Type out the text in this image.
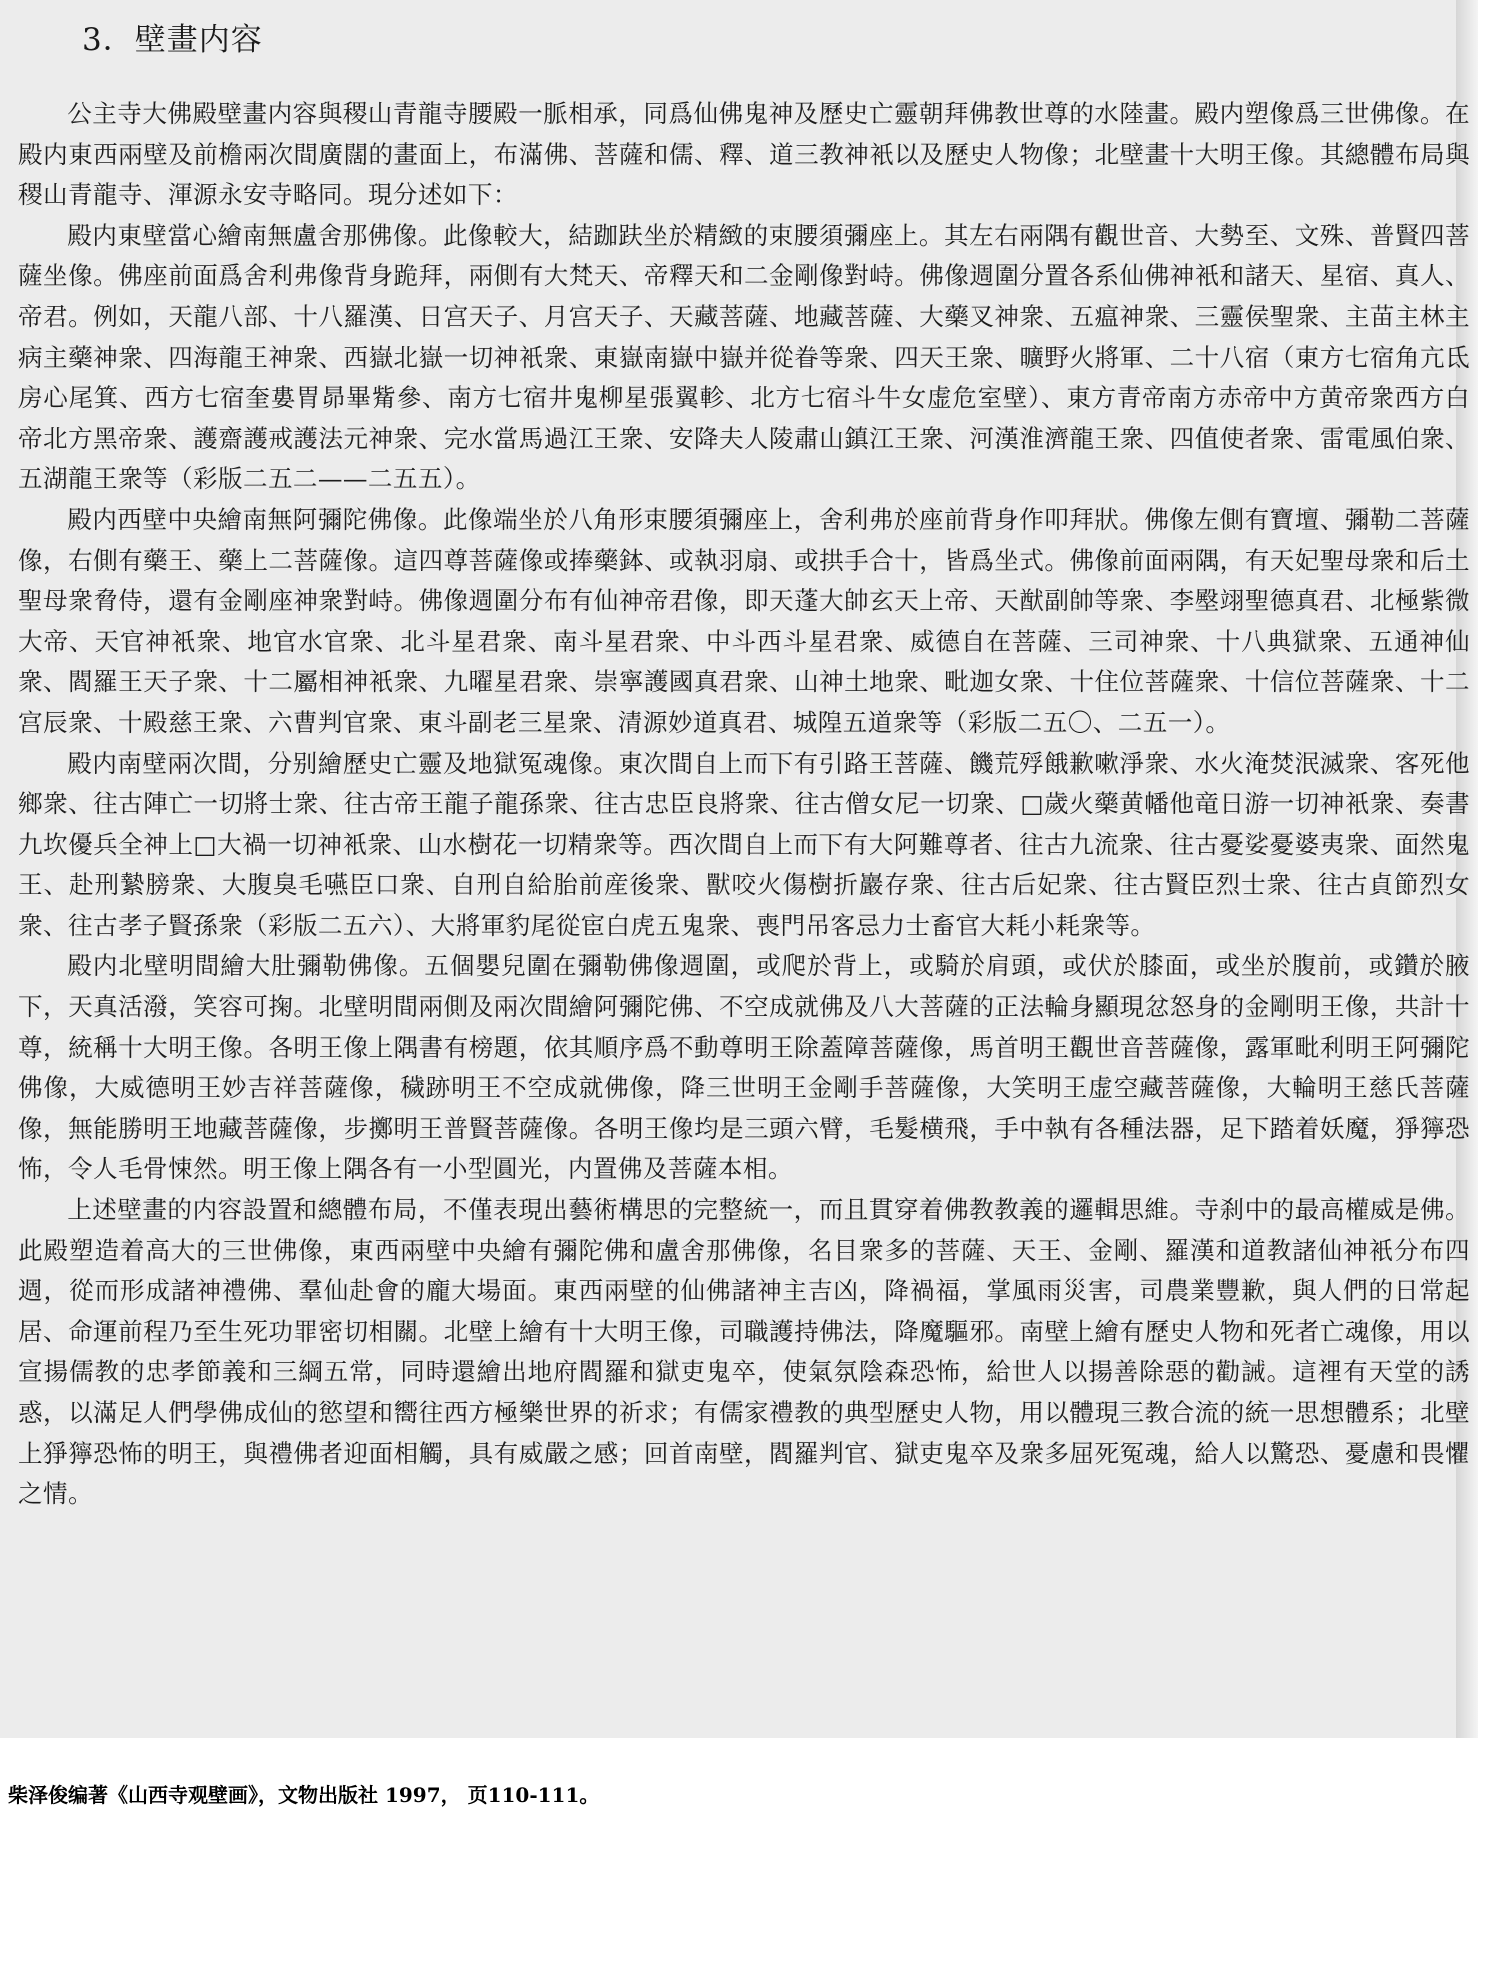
3．壁畫内容

公主寺大佛殿壁畫内容與稷山青龍寺腰殿一脈相承，同爲仙佛鬼神及歷史亡靈朝拜佛教世尊的水陸畫。殿内塑像爲三世佛像。在殿内東西兩壁及前檐兩次間廣闊的畫面上，布滿佛、菩薩和儒、釋、道三教神衹以及歷史人物像；北壁畫十大明王像。其總體布局與稷山青龍寺、渾源永安寺略同。現分述如下：

殿内東壁當心繪南無盧舍那佛像。此像較大，結跏趺坐於精緻的束腰須彌座上。其左右兩隅有觀世音、大勢至、文殊、普賢四菩薩坐像。佛座前面爲舍利弗像背身跪拜，兩側有大梵天、帝釋天和二金剛像對峙。佛像週圍分置各系仙佛神衹和諸天、星宿、真人、帝君。例如，天龍八部、十八羅漢、日宫天子、月宫天子、天藏菩薩、地藏菩薩、大藥叉神衆、五瘟神衆、三靈侯聖衆、主苗主林主病主藥神衆、四海龍王神衆、西嶽北嶽一切神衹衆、東嶽南嶽中嶽并從眷等衆、四天王衆、曠野火將軍、二十八宿（東方七宿角亢氐房心尾箕、西方七宿奎婁胃昴畢觜參、南方七宿井鬼柳星張翼軫、北方七宿斗牛女虚危室壁）、東方青帝南方赤帝中方黄帝衆西方白帝北方黑帝衆、護齋護戒護法元神衆、完水當馬過江王衆、安降夫人陵肅山鎮江王衆、河漢淮濟龍王衆、四值使者衆、雷電風伯衆、五湖龍王衆等（彩版二五二——二五五）。

殿内西壁中央繪南無阿彌陀佛像。此像端坐於八角形束腰須彌座上，舍利弗於座前背身作叩拜狀。佛像左側有寶壇、彌勒二菩薩像，右側有藥王、藥上二菩薩像。這四尊菩薩像或捧藥鉢、或執羽扇、或拱手合十，皆爲坐式。佛像前面兩隅，有天妃聖母衆和后土聖母衆脅侍，還有金剛座神衆對峙。佛像週圍分布有仙神帝君像，即天蓬大帥玄天上帝、天猷副帥等衆、李壂翊聖德真君、北極紫微大帝、天官神衹衆、地官水官衆、北斗星君衆、南斗星君衆、中斗西斗星君衆、威德自在菩薩、三司神衆、十八典獄衆、五通神仙衆、閻羅王天子衆、十二屬相神衹衆、九曜星君衆、崇寧護國真君衆、山神土地衆、毗迦女衆、十住位菩薩衆、十信位菩薩衆、十二宫辰衆、十殿慈王衆、六曹判官衆、東斗副老三星衆、清源妙道真君、城隍五道衆等（彩版二五〇、二五一）。

殿内南壁兩次間，分别繪歷史亡靈及地獄冤魂像。東次間自上而下有引路王菩薩、饑荒殍餓歉嗽淨衆、水火淹焚泯滅衆、客死他鄉衆、往古陣亡一切將士衆、往古帝王龍子龍孫衆、往古忠臣良將衆、往古僧女尼一切衆、□歲火藥黄幡他竜日游一切神衹衆、奏書九坎優兵全神上□大禍一切神衹衆、山水樹花一切精衆等。西次間自上而下有大阿難尊者、往古九流衆、往古憂娑憂婆夷衆、面然鬼王、赴刑縶膀衆、大腹臭毛嚥臣口衆、自刑自給胎前産後衆、獸咬火傷樹折巖存衆、往古后妃衆、往古賢臣烈士衆、往古貞節烈女衆、往古孝子賢孫衆（彩版二五六）、大將軍豹尾從宦白虎五鬼衆、喪門吊客忌力士畜官大耗小耗衆等。

殿内北壁明間繪大肚彌勒佛像。五個嬰兒圍在彌勒佛像週圍，或爬於背上，或騎於肩頭，或伏於膝面，或坐於腹前，或鑽於腋下，天真活潑，笑容可掬。北壁明間兩側及兩次間繪阿彌陀佛、不空成就佛及八大菩薩的正法輪身顯現忿怒身的金剛明王像，共計十尊，統稱十大明王像。各明王像上隅書有榜題，依其順序爲不動尊明王除蓋障菩薩像，馬首明王觀世音菩薩像，露軍毗利明王阿彌陀佛像，大威德明王妙吉祥菩薩像，穢跡明王不空成就佛像，降三世明王金剛手菩薩像，大笑明王虚空藏菩薩像，大輪明王慈氏菩薩像，無能勝明王地藏菩薩像，步擲明王普賢菩薩像。各明王像均是三頭六臂，毛髮横飛，手中執有各種法器，足下踏着妖魔，猙獰恐怖，令人毛骨悚然。明王像上隅各有一小型圓光，内置佛及菩薩本相。

上述壁畫的内容設置和總體布局，不僅表現出藝術構思的完整統一，而且貫穿着佛教教義的邏輯思維。寺刹中的最高權威是佛。此殿塑造着高大的三世佛像，東西兩壁中央繪有彌陀佛和盧舍那佛像，名目衆多的菩薩、天王、金剛、羅漢和道教諸仙神衹分布四週，從而形成諸神禮佛、羣仙赴會的龐大場面。東西兩壁的仙佛諸神主吉凶，降禍福，掌風雨災害，司農業豐歉，與人們的日常起居、命運前程乃至生死功罪密切相關。北壁上繪有十大明王像，司職護持佛法，降魔驅邪。南壁上繪有歷史人物和死者亡魂像，用以宣揚儒教的忠孝節義和三綱五常，同時還繪出地府閻羅和獄吏鬼卒，使氣氛陰森恐怖，給世人以揚善除惡的勸誡。這裡有天堂的誘惑，以滿足人們學佛成仙的慾望和嚮往西方極樂世界的祈求；有儒家禮教的典型歷史人物，用以體現三教合流的統一思想體系；北壁上猙獰恐怖的明王，與禮佛者迎面相觸，具有威嚴之感；回首南壁，閻羅判官、獄吏鬼卒及衆多屈死冤魂，給人以驚恐、憂慮和畏懼之情。

柴泽俊编著《山西寺观壁画》，文物出版社 1997， 页110-111。
